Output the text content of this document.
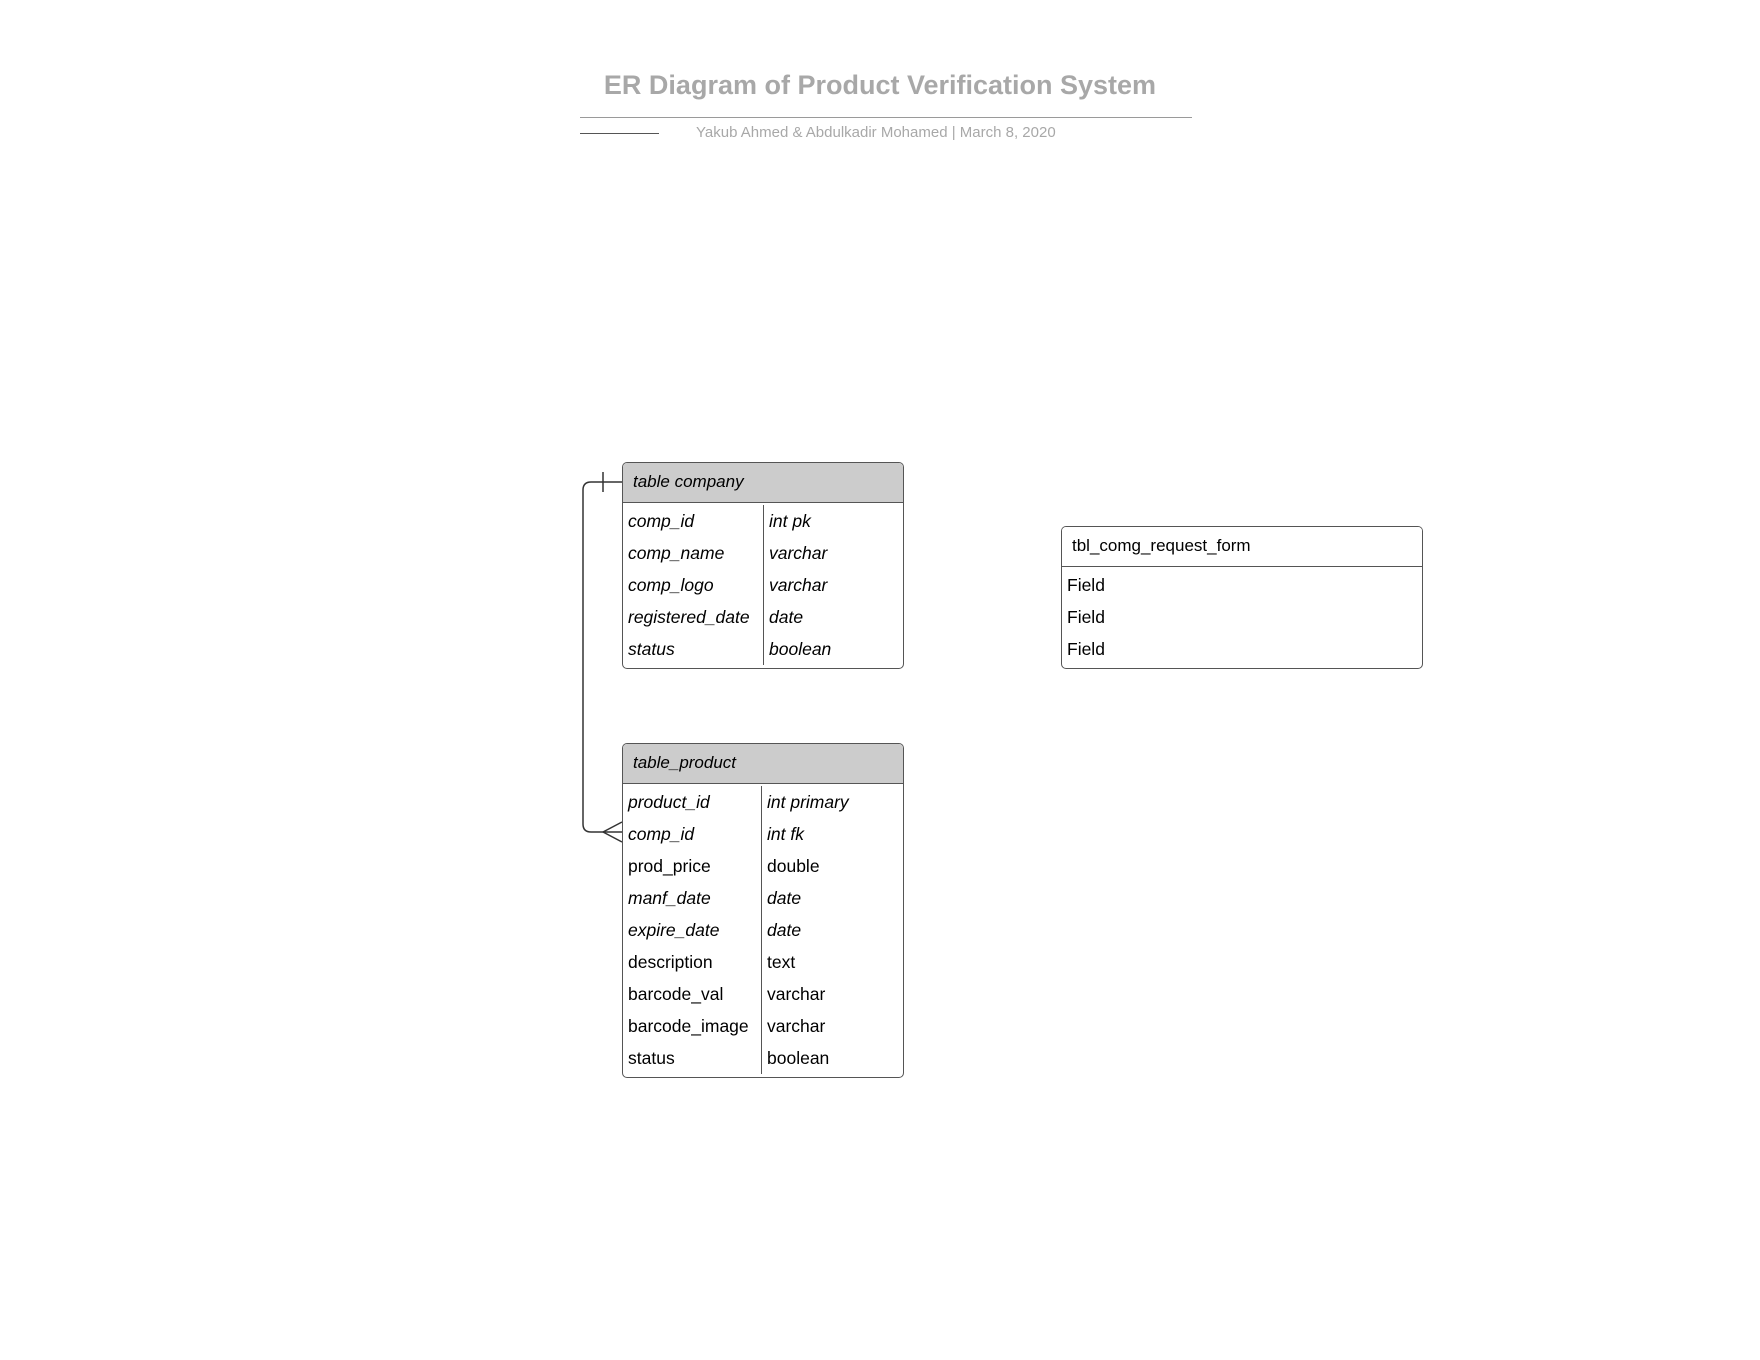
ER Diagram of Product Verification System
Yakub Ahmed & Abdulkadir Mohamed | March 8, 2020
table company
comp_id	int pk
comp_name	varchar
comp_logo	varchar
registered_date	date
status	boolean
table_product
product_id	int primary
comp_id	int fk
prod_price	double
manf_date	date
expire_date	date
description	text
barcode_val	varchar
barcode_image	varchar
status	boolean
tbl_comg_request_form
Field
Field
Field
